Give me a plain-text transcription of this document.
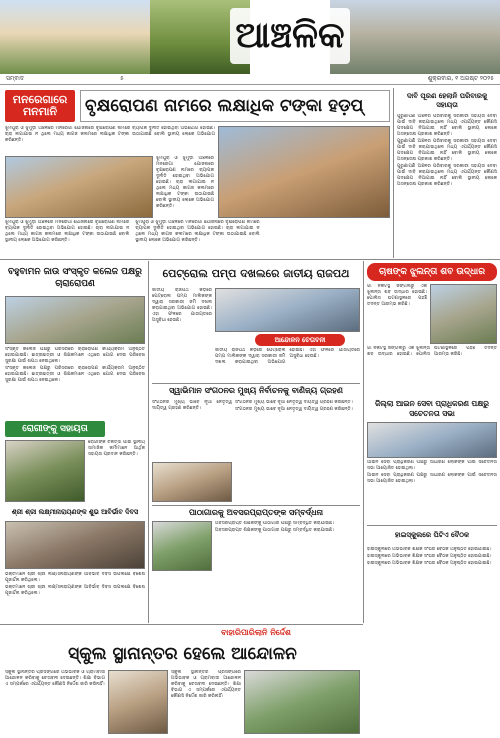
ଆଞ୍ଚଳିକ
ସମ୍ବାଦ	୫	ଶୁକ୍ରବାର, ୧ ଅଗଷ୍ଟ ୨୦୨୫
ମନରେଗାରେ
ମନମାନି ବୃକ୍ଷରୋପଣ ନାମରେ ଲକ୍ଷାଧିକ ଟଙ୍କା ହଡ଼ପ୍

ଝୁମପୁରା ଓ ଝୁମୁଡ଼ା ଅଞ୍ଚଳରେ ମନରେଗା ଯୋଜନାରେ ବୃକ୍ଷରୋପଣ ନାମରେ ବ୍ୟାପକ ଦୁର୍ନୀତି ହୋଇଥିବା ଅଭିଯୋଗ ହୋଇଛି। ଚାରା ଲଗାଯାଇ ନ ଥିଲେ ମଧ୍ୟ କାଗଜ କଲମରେ ଲକ୍ଷାଧିକ ଟଙ୍କା ଉଠାଯାଇଛି ବୋଲି ସ୍ଥାନୀୟ ଲୋକେ ଅଭିଯୋଗ କରିଛନ୍ତି।

ଝୁମପୁରା ଓ ଝୁମୁଡ଼ା ଅଞ୍ଚଳରେ ମନରେଗା ଯୋଜନାରେ ବୃକ୍ଷରୋପଣ ନାମରେ ବ୍ୟାପକ ଦୁର୍ନୀତି ହୋଇଥିବା ଅଭିଯୋଗ ହୋଇଛି। ଚାରା ଲଗାଯାଇ ନ ଥିଲେ ମଧ୍ୟ କାଗଜ କଲମରେ ଲକ୍ଷାଧିକ ଟଙ୍କା ଉଠାଯାଇଛି ବୋଲି ସ୍ଥାନୀୟ ଲୋକେ ଅଭିଯୋଗ କରିଛନ୍ତି।

ଝୁମପୁରା ଓ ଝୁମୁଡ଼ା ଅଞ୍ଚଳରେ ମନରେଗା ଯୋଜନାରେ ବୃକ୍ଷରୋପଣ ନାମରେ ବ୍ୟାପକ ଦୁର୍ନୀତି ହୋଇଥିବା ଅଭିଯୋଗ ହୋଇଛି। ଚାରା ଲଗାଯାଇ ନ ଥିଲେ ମଧ୍ୟ କାଗଜ କଲମରେ ଲକ୍ଷାଧିକ ଟଙ୍କା ଉଠାଯାଇଛି ବୋଲି ସ୍ଥାନୀୟ ଲୋକେ ଅଭିଯୋଗ କରିଛନ୍ତି।

ଝୁମପୁରା ଓ ଝୁମୁଡ଼ା ଅଞ୍ଚଳରେ ମନରେଗା ଯୋଜନାରେ ବୃକ୍ଷରୋପଣ ନାମରେ ବ୍ୟାପକ ଦୁର୍ନୀତି ହୋଇଥିବା ଅଭିଯୋଗ ହୋଇଛି। ଚାରା ଲଗାଯାଇ ନ ଥିଲେ ମଧ୍ୟ କାଗଜ କଲମରେ ଲକ୍ଷାଧିକ ଟଙ୍କା ଉଠାଯାଇଛି ବୋଲି ସ୍ଥାନୀୟ ଲୋକେ ଅଭିଯୋଗ କରିଛନ୍ତି।

ଦାବି ପୂରଣ ହେଲାନି ପରିବାରକୁ ସହାୟତା

ପୁରୁଣାପଣି ଅଞ୍ଚଳର ପରିବାରକୁ ସରକାରୀ ସହାୟତା ଦେବା ପାଇଁ ଦାବି କରାଯାଇଥିଲେ ମଧ୍ୟ ଏପର୍ଯ୍ୟନ୍ତ କୌଣସି ପଦକ୍ଷେପ ନିଆଯାଇ ନାହିଁ ବୋଲି ସ୍ଥାନୀୟ ଲୋକେ ଅସନ୍ତୋଷ ପ୍ରକାଶ କରିଛନ୍ତି।

ପୁରୁଣାପଣି ଅଞ୍ଚଳର ପରିବାରକୁ ସରକାରୀ ସହାୟତା ଦେବା ପାଇଁ ଦାବି କରାଯାଇଥିଲେ ମଧ୍ୟ ଏପର୍ଯ୍ୟନ୍ତ କୌଣସି ପଦକ୍ଷେପ ନିଆଯାଇ ନାହିଁ ବୋଲି ସ୍ଥାନୀୟ ଲୋକେ ଅସନ୍ତୋଷ ପ୍ରକାଶ କରିଛନ୍ତି।

ପୁରୁଣାପଣି ଅଞ୍ଚଳର ପରିବାରକୁ ସରକାରୀ ସହାୟତା ଦେବା ପାଇଁ ଦାବି କରାଯାଇଥିଲେ ମଧ୍ୟ ଏପର୍ଯ୍ୟନ୍ତ କୌଣସି ପଦକ୍ଷେପ ନିଆଯାଇ ନାହିଁ ବୋଲି ସ୍ଥାନୀୟ ଲୋକେ ଅସନ୍ତୋଷ ପ୍ରକାଶ କରିଛନ୍ତି।

ବହୁବାମନ ଜାଉ ସଂସ୍କୃତ କଲେଜ ପକ୍ଷରୁ ଚାରାରୋପଣ

ସଂସ୍କୃତ କଲେଜ ପକ୍ଷରୁ ପରିସରରେ ଚାରାରୋପଣ କାର୍ଯ୍ୟକ୍ରମ ଅନୁଷ୍ଠିତ ହୋଇଯାଇଛି। ଛାତ୍ରଛାତ୍ରୀ ଓ ଶିକ୍ଷକମାନେ ଏଥିରେ ଯୋଗ ଦେଇ ପରିବେଶ ସୁରକ୍ଷା ପାଇଁ ଶପଥ ନେଇଥିଲେ।

ସଂସ୍କୃତ କଲେଜ ପକ୍ଷରୁ ପରିସରରେ ଚାରାରୋପଣ କାର୍ଯ୍ୟକ୍ରମ ଅନୁଷ୍ଠିତ ହୋଇଯାଇଛି। ଛାତ୍ରଛାତ୍ରୀ ଓ ଶିକ୍ଷକମାନେ ଏଥିରେ ଯୋଗ ଦେଇ ପରିବେଶ ସୁରକ୍ଷା ପାଇଁ ଶପଥ ନେଇଥିଲେ।

ରୋଗୀଙ୍କୁ ସହାୟତା

ରୋଗୀଙ୍କ ଚିକିତ୍ସା ପାଇଁ ସ୍ଥାନୀୟ ସାମାଜିକ କର୍ମୀମାନେ ଆର୍ଥିକ ସହାୟତା ପ୍ରଦାନ କରିଛନ୍ତି।

ଶ୍ରୀ ଶ୍ରୀ ଲକ୍ଷ୍ମୀନାରାୟଣଙ୍କ ଶୁଭ ଆବିର୍ଭାବ ଦିବସ

ଭକ୍ତମାନେ ଶ୍ରୀ ଶ୍ରୀ ଲକ୍ଷ୍ମୀନାରାୟଣଙ୍କ ଆବିର୍ଭାବ ଦିବସ ଉପଲକ୍ଷେ ବିଶେଷ ପୂଜାର୍ଚ୍ଚନା କରିଥିଲେ।

ଭକ୍ତମାନେ ଶ୍ରୀ ଶ୍ରୀ ଲକ୍ଷ୍ମୀନାରାୟଣଙ୍କ ଆବିର୍ଭାବ ଦିବସ ଉପଲକ୍ଷେ ବିଶେଷ ପୂଜାର୍ଚ୍ଚନା କରିଥିଲେ।

ପେଟ୍ରୋଲ ପମ୍ପ ଦଖଲରେ ଜାତୀୟ ରାଜପଥ

ଜାତୀୟ ରାଜପଥ କଡ଼ରେ ପେଟ୍ରୋଲ ପମ୍ପ ମାଲିକଙ୍କ ଦ୍ୱାରା ସରକାରୀ ଜମି ଦଖଲ କରାଯାଇଥିବା ଅଭିଯୋଗ ହୋଇଛି। ଏହା ଫଳରେ ଯାତାୟତରେ ଅସୁବିଧା ହେଉଛି।

ଆନ୍ଦୋଳନ ଚେତାବନୀ

ଜାତୀୟ ରାଜପଥ କଡ଼ରେ ପେଟ୍ରୋଲ ପମ୍ପ ମାଲିକଙ୍କ ଦ୍ୱାରା ସରକାରୀ ଜମି ଦଖଲ କରାଯାଇଥିବା ଅଭିଯୋଗ ହୋଇଛି। ଏହା ଫଳରେ ଯାତାୟତରେ ଅସୁବିଧା ହେଉଛି।

ସ୍ୱାଭିମାନ ସଂଗଠନର ମୁଖ୍ୟ ନିର୍ବାଚନକୁ ବାଣିଜ୍ୟ ଗ୍ରହଣ

ସଂଗଠନର ମୁଖ୍ୟ ଭାବେ ନୂଆ ନେତୃତ୍ୱ ଦାୟିତ୍ୱ ଗ୍ରହଣ କରିଛନ୍ତି।

ସଂଗଠନର ମୁଖ୍ୟ ଭାବେ ନୂଆ ନେତୃତ୍ୱ ଦାୟିତ୍ୱ ଗ୍ରହଣ କରିଛନ୍ତି।

ସଂଗଠନର ମୁଖ୍ୟ ଭାବେ ନୂଆ ନେତୃତ୍ୱ ଦାୟିତ୍ୱ ଗ୍ରହଣ କରିଛନ୍ତି।

ପାଠାଗାରକୁ ଅବସରପ୍ରାପ୍ତଙ୍କ ସମ୍ବର୍ଦ୍ଧନା

ଅବସରପ୍ରାପ୍ତ ଶିକ୍ଷକଙ୍କୁ ପାଠାଗାର ପକ୍ଷରୁ ସମ୍ବର୍ଦ୍ଧିତ କରାଯାଇଛି।

ଅବସରପ୍ରାପ୍ତ ଶିକ୍ଷକଙ୍କୁ ପାଠାଗାର ପକ୍ଷରୁ ସମ୍ବର୍ଦ୍ଧିତ କରାଯାଇଛି।

ଚାଷଙ୍କ ଝୁଲନ୍ତା ଶବ ଉଦ୍ଧାର

ଗାଁ ନିକଟସ୍ଥ ଜଙ୍ଗଲରୁ ଏକ ଝୁଲନ୍ତା ଶବ ଉଦ୍ଧାର ହୋଇଛି। ପୋଲିସ ଘଟଣାସ୍ଥଳରେ ପହଞ୍ଚି ତଦନ୍ତ ଆରମ୍ଭ କରିଛି।

ଗାଁ ନିକଟସ୍ଥ ଜଙ୍ଗଲରୁ ଏକ ଝୁଲନ୍ତା ଶବ ଉଦ୍ଧାର ହୋଇଛି। ପୋଲିସ ଘଟଣାସ୍ଥଳରେ ପହଞ୍ଚି ତଦନ୍ତ ଆରମ୍ଭ କରିଛି।

ଜିଲ୍ଲା ଆଇନ ସେବା ପ୍ରାଧିକରଣ ପକ୍ଷରୁ ସଚେତନତା ସଭା

ଆଇନ ସେବା ପ୍ରାଧିକରଣ ପକ୍ଷରୁ ସାଧାରଣ ଲୋକଙ୍କ ପାଇଁ ସଚେତନତା ସଭା ଆୟୋଜିତ ହୋଇଥିଲା।

ଆଇନ ସେବା ପ୍ରାଧିକରଣ ପକ୍ଷରୁ ସାଧାରଣ ଲୋକଙ୍କ ପାଇଁ ସଚେତନତା ସଭା ଆୟୋଜିତ ହୋଇଥିଲା।

ହାଇସ୍କୁଲରେ ପିଟିଏ ବୈଠକ

ହାଇସ୍କୁଲରେ ଅଭିଭାବକ ଶିକ୍ଷକ ସଂଘର ବୈଠକ ଅନୁଷ୍ଠିତ ହୋଇଯାଇଛି।

ହାଇସ୍କୁଲରେ ଅଭିଭାବକ ଶିକ୍ଷକ ସଂଘର ବୈଠକ ଅନୁଷ୍ଠିତ ହୋଇଯାଇଛି।

ହାଇସ୍କୁଲରେ ଅଭିଭାବକ ଶିକ୍ଷକ ସଂଘର ବୈଠକ ଅନୁଷ୍ଠିତ ହୋଇଯାଇଛି।

ବାହାରିପାରିଲାନି ନିର୍ଦ୍ଦେଶ
ସ୍କୁଲ ସ୍ଥାନାନ୍ତର ହେଲେ ଆନ୍ଦୋଳନ

ସ୍କୁଲ ସ୍ଥାନାନ୍ତର ପ୍ରସଙ୍ଗରେ ଅଭିଭାବକ ଓ ଗ୍ରାମବାସୀ ଆନ୍ଦୋଳନ କରିବାକୁ ଚେତାବନୀ ଦେଇଛନ୍ତି। ଶିକ୍ଷା ବିଭାଗ ଏ ସମ୍ପର୍କରେ ଏପର୍ଯ୍ୟନ୍ତ କୌଣସି ନିର୍ଦ୍ଦେଶ ଜାରି କରିନାହିଁ।

ସ୍କୁଲ ସ୍ଥାନାନ୍ତର ପ୍ରସଙ୍ଗରେ ଅଭିଭାବକ ଓ ଗ୍ରାମବାସୀ ଆନ୍ଦୋଳନ କରିବାକୁ ଚେତାବନୀ ଦେଇଛନ୍ତି। ଶିକ୍ଷା ବିଭାଗ ଏ ସମ୍ପର୍କରେ ଏପର୍ଯ୍ୟନ୍ତ କୌଣସି ନିର୍ଦ୍ଦେଶ ଜାରି କରିନାହିଁ।
